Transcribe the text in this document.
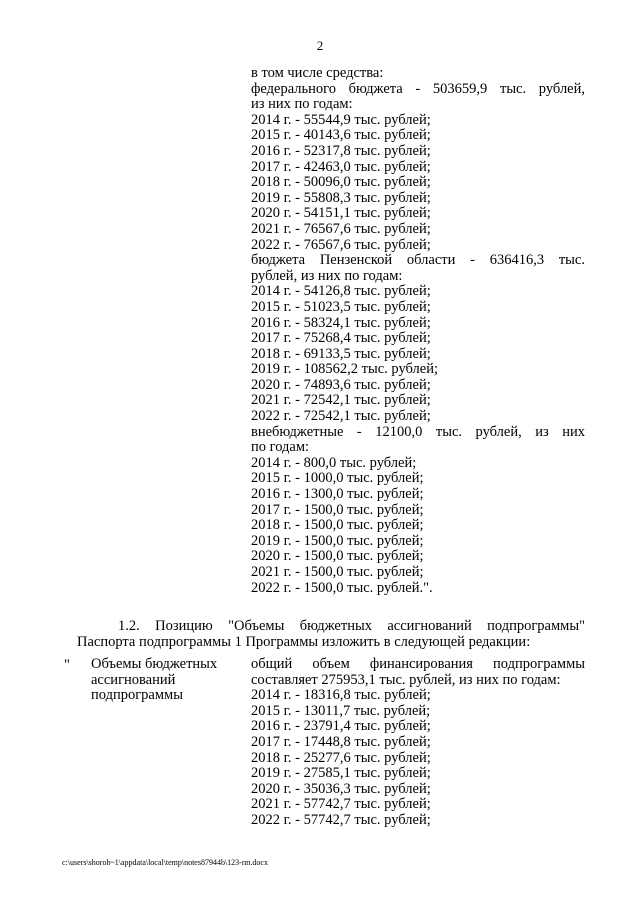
2
в том числе средства:
федерального бюджета - 503659,9 тыс. рублей,
из них по годам:
2014 г. - 55544,9 тыс. рублей;
2015 г. - 40143,6 тыс. рублей;
2016 г. - 52317,8 тыс. рублей;
2017 г. - 42463,0 тыс. рублей;
2018 г. - 50096,0 тыс. рублей;
2019 г. - 55808,3 тыс. рублей;
2020 г. - 54151,1 тыс. рублей;
2021 г. - 76567,6 тыс. рублей;
2022 г. - 76567,6 тыс. рублей;
бюджета Пензенской области - 636416,3 тыс.
рублей, из них по годам:
2014 г. - 54126,8 тыс. рублей;
2015 г. - 51023,5 тыс. рублей;
2016 г. - 58324,1 тыс. рублей;
2017 г. - 75268,4 тыс. рублей;
2018 г. - 69133,5 тыс. рублей;
2019 г. - 108562,2 тыс. рублей;
2020 г. - 74893,6 тыс. рублей;
2021 г. - 72542,1 тыс. рублей;
2022 г. - 72542,1 тыс. рублей;
внебюджетные - 12100,0 тыс. рублей, из них
по годам:
2014 г. - 800,0 тыс. рублей;
2015 г. - 1000,0 тыс. рублей;
2016 г. - 1300,0 тыс. рублей;
2017 г. - 1500,0 тыс. рублей;
2018 г. - 1500,0 тыс. рублей;
2019 г. - 1500,0 тыс. рублей;
2020 г. - 1500,0 тыс. рублей;
2021 г. - 1500,0 тыс. рублей;
2022 г. - 1500,0 тыс. рублей.".
1.2. Позицию "Объемы бюджетных ассигнований подпрограммы"
Паспорта подпрограммы 1 Программы изложить в следующей редакции:
" Объемы бюджетных
ассигнований
подпрограммы
общий объем финансирования подпрограммы
составляет 275953,1 тыс. рублей, из них по годам:
2014 г. - 18316,8 тыс. рублей;
2015 г. - 13011,7 тыс. рублей;
2016 г. - 23791,4 тыс. рублей;
2017 г. - 17448,8 тыс. рублей;
2018 г. - 25277,6 тыс. рублей;
2019 г. - 27585,1 тыс. рублей;
2020 г. - 35036,3 тыс. рублей;
2021 г. - 57742,7 тыс. рублей;
2022 г. - 57742,7 тыс. рублей;
c:\users\shorob~1\appdata\local\temp\notes87944b\123-пп.docx
